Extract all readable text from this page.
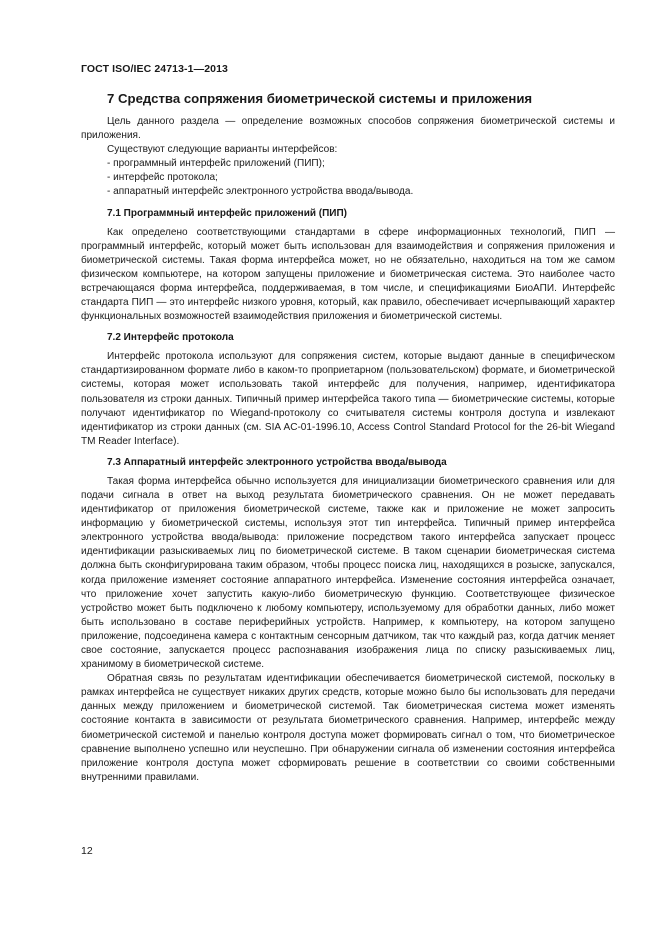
ГОСТ ISO/IEC 24713-1—2013
7 Средства сопряжения биометрической системы и приложения

Цель данного раздела — определение возможных способов сопряжения биометрической системы и приложения.

Существуют следующие варианты интерфейсов:

- программный интерфейс приложений (ПИП);

- интерфейс протокола;

- аппаратный интерфейс электронного устройства ввода/вывода.

7.1 Программный интерфейс приложений (ПИП)

Как определено соответствующими стандартами в сфере информационных технологий, ПИП — программный интерфейс, который может быть использован для взаимодействия и сопряжения приложения и биометрической системы. Такая форма интерфейса может, но не обязательно, находиться на том же самом физическом компьютере, на котором запущены приложение и биометрическая система. Это наиболее часто встречающаяся форма интерфейса, поддерживаемая, в том числе, и спецификациями БиоАПИ. Интерфейс стандарта ПИП — это интерфейс низкого уровня, который, как правило, обеспечивает исчерпывающий характер функциональных возможностей взаимодействия приложения и биометрической системы.

7.2 Интерфейс протокола

Интерфейс протокола используют для сопряжения систем, которые выдают данные в специфическом стандартизированном формате либо в каком-то проприетарном (пользовательском) формате, и биометрической системы, которая может использовать такой интерфейс для получения, например, идентификатора пользователя из строки данных. Типичный пример интерфейса такого типа — биометрические системы, которые получают идентификатор по Wiegand-протоколу со считывателя системы контроля доступа и извлекают идентификатор из строки данных (см. SIA AC-01-1996.10, Access Control Standard Protocol for the 26-bit Wiegand TM Reader Interface).

7.3 Аппаратный интерфейс электронного устройства ввода/вывода

Такая форма интерфейса обычно используется для инициализации биометрического сравнения или для подачи сигнала в ответ на выход результата биометрического сравнения. Он не может передавать идентификатор от приложения биометрической системе, также как и приложение не может запросить информацию у биометрической системы, используя этот тип интерфейса. Типичный пример интерфейса электронного устройства ввода/вывода: приложение посредством такого интерфейса запускает процесс идентификации разыскиваемых лиц по биометрической системе. В таком сценарии биометрическая система должна быть сконфигурирована таким образом, чтобы процесс поиска лиц, находящихся в розыске, запускался, когда приложение изменяет состояние аппаратного интерфейса. Изменение состояния интерфейса означает, что приложение хочет запустить какую-либо биометрическую функцию. Соответствующее физическое устройство может быть подключено к любому компьютеру, используемому для обработки данных, либо может быть использовано в составе периферийных устройств. Например, к компьютеру, на котором запущено приложение, подсоединена камера с контактным сенсорным датчиком, так что каждый раз, когда датчик меняет свое состояние, запускается процесс распознавания изображения лица по списку разыскиваемых лиц, хранимому в биометрической системе.

Обратная связь по результатам идентификации обеспечивается биометрической системой, поскольку в рамках интерфейса не существует никаких других средств, которые можно было бы использовать для передачи данных между приложением и биометрической системой. Так биометрическая система может изменять состояние контакта в зависимости от результата биометрического сравнения. Например, интерфейс между биометрической системой и панелью контроля доступа может формировать сигнал о том, что биометрическое сравнение выполнено успешно или неуспешно. При обнаружении сигнала об изменении состояния интерфейса приложение контроля доступа может сформировать решение в соответствии со своими собственными внутренними правилами.

12
